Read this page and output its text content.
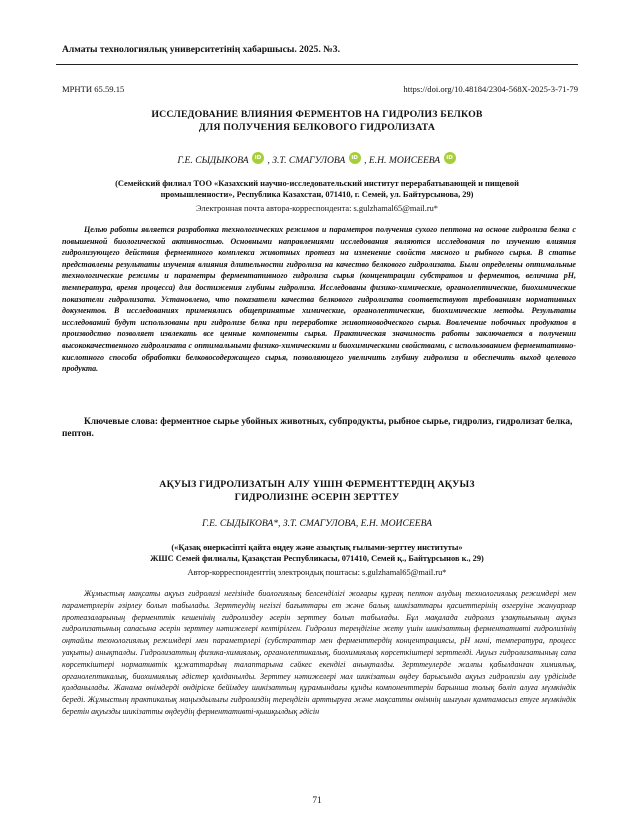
Алматы технологиялық университетінің хабаршысы. 2025. №3.
МРНТИ 65.59.15	https://doi.org/10.48184/2304-568X-2025-3-71-79
ИССЛЕДОВАНИЕ ВЛИЯНИЯ ФЕРМЕНТОВ НА ГИДРОЛИЗ БЕЛКОВ
ДЛЯ ПОЛУЧЕНИЯ БЕЛКОВОГО ГИДРОЛИЗАТА
Г.Е. СЫДЫКОВА iD , З.Т. СМАГУЛОВА iD , Е.Н. МОИСЕЕВА iD
(Семейский филиал ТОО «Казахский научно-исследовательский институт перерабатывающей и пищевой
промышленности», Республика Казахстан, 071410, г. Семей, ул. Байтурсынова, 29)
Электронная почта автора-корреспондента: s.gulzhamal65@mail.ru*

Целью работы является разработка технологических режимов и параметров получения сухого пептона на основе гидролиза белка с повышенной биологической активностью. Основными направлениями исследования являются исследования по изучению влияния гидролизующего действия ферментного комплекса животных протеаз на изменение свойств мясного и рыбного сырья. В статье представлены результаты изучения влияния длительности гидролиза на качество белкового гидролизата. Были определены оптимальные технологические режимы и параметры ферментативного гидролиза сырья (концентрации субстратов и ферментов, величина pH, температура, время процесса) для достижения глубины гидролиза. Исследованы физико-химические, органолептические, биохимические показатели гидролизата. Установлено, что показатели качества белкового гидролизата соответствуют требованиям нормативных документов. В исследованиях применялись общепринятые химические, органолептические, биохимические методы. Результаты исследований будут использованы при гидролизе белка при переработке животноводческого сырья. Вовлечение побочных продуктов в производство позволяет извлекать все ценные компоненты сырья. Практическая значимость работы заключается в получении высококачественного гидролизата с оптимальными физико-химическими и биохимическими свойствами, с использованием ферментативно-кислотного способа обработки белковосодержащего сырья, позволяющего увеличить глубину гидролиза и обеспечить выход целевого продукта.

Ключевые слова: ферментное сырье убойных животных, субпродукты, рыбное сырье, гидролиз, гидролизат белка, пептон.

АҚУЫЗ ГИДРОЛИЗАТЫН АЛУ ҮШІН ФЕРМЕНТТЕРДІҢ АҚУЫЗ
ГИДРОЛИЗІНЕ ӘСЕРІН ЗЕРТТЕУ
Г.Е. СЫДЫКОВА*, З.Т. СМАГУЛОВА, Е.Н. МОИСЕЕВА
(«Қазақ өнеркәсіпті қайта өңдеу және азықтық ғылыми-зерттеу институты»
ЖШС Семей филиалы, Қазақстан Республикасы, 071410, Семей қ., Байтұрсынов к., 29)
Автор-корреспонденттің электрондық поштасы: s.gulzhamal65@mail.ru*

Жұмыстың мақсаты ақуыз гидролизі негізінде биологиялық белсенділігі жоғары құрғақ пептон алудың технологиялық режимдері мен параметрлерін әзірлеу болып табылады. Зерттеудің негізгі бағыттары ет және балық шикізаттары қасиеттерінің өзгеруіне жануарлар протеазаларының ферменттік кешенінің гидролиздеу әсерін зерттеу болып табылады. Бұл мақалада гидролиз ұзақтығының ақуыз гидролизатының сапасына әсерін зерттеу нәтижелері келтірілген. Гидролиз тереңдігіне жету үшін шикізаттың ферментативті гидролизінің оңтайлы технологиялық режимдері мен параметрлері (субстраттар мен ферменттердің концентрациясы, pH мәні, температура, процесс уақыты) анықталды. Гидролизаттың физика-химиялық, органолептикалық, биохимиялық көрсеткіштері зерттелді. Ақуыз гидролизатының сапа көрсеткіштері нормативтік құжаттардың талаптарына сәйкес екендігі анықталды. Зерттеулерде жалпы қабылданған химиялық, органолептикалық, биохимиялық әдістер қолданылды. Зерттеу нәтижелері мал шикізатын өңдеу барысында ақуыз гидролизін алу үрдісінде қолданылады. Жанама өнімдерді өндіріске бейімдеу шикізаттың құрамындағы құнды компоненттерін барынша толық бөліп алуға мүмкіндік береді. Жұмыстың практикалық маңыздылығы гидролиздің тереңдігін арттыруға және мақсатты өнімнің шығуын қамтамасыз етуге мүмкіндік беретін ақуызды шикізатты өңдеудің ферментативті-қышқылдық әдісін

71
